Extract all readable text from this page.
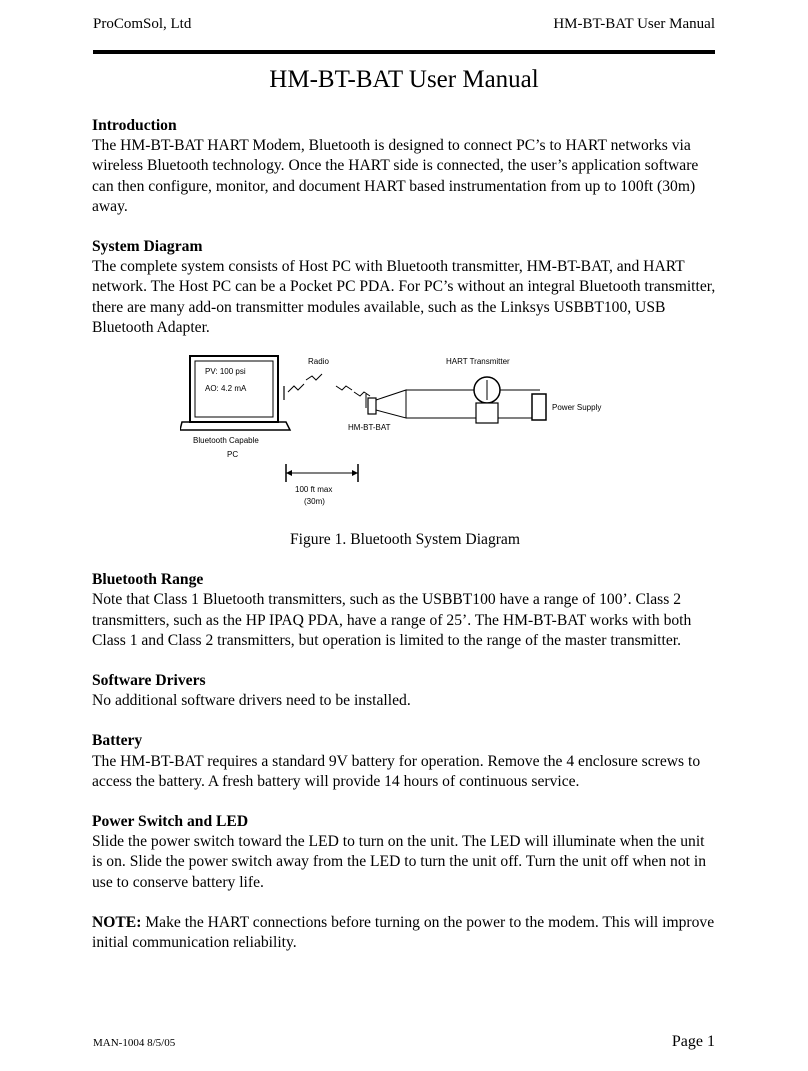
ProComSol, Ltd	HM-BT-BAT User Manual
HM-BT-BAT User Manual
Introduction

The HM-BT-BAT HART Modem, Bluetooth is designed to connect PC’s to HART networks via wireless Bluetooth technology. Once the HART side is connected, the user’s application software can then configure, monitor, and document HART based instrumentation from up to 100ft (30m) away.

System Diagram

The complete system consists of Host PC with Bluetooth transmitter, HM-BT-BAT, and HART network. The Host PC can be a Pocket PC PDA. For PC’s without an integral Bluetooth transmitter, there are many add-on transmitter modules available, such as the Linksys USBBT100, USB Bluetooth Adapter.

PV: 100 psi
AO: 4.2 mA
Bluetooth Capable
PC
Radio
HM-BT-BAT
HART Transmitter
Power Supply
100 ft max
(30m)
Figure 1. Bluetooth System Diagram
Bluetooth Range

Note that Class 1 Bluetooth transmitters, such as the USBBT100 have a range of 100’. Class 2 transmitters, such as the HP IPAQ PDA, have a range of 25’. The HM-BT-BAT works with both Class 1 and Class 2 transmitters, but operation is limited to the range of the master transmitter.

Software Drivers

No additional software drivers need to be installed.

Battery

The HM-BT-BAT requires a standard 9V battery for operation. Remove the 4 enclosure screws to access the battery. A fresh battery will provide 14 hours of continuous service.

Power Switch and LED

Slide the power switch toward the LED to turn on the unit. The LED will illuminate when the unit is on. Slide the power switch away from the LED to turn the unit off. Turn the unit off when not in use to conserve battery life.

NOTE: Make the HART connections before turning on the power to the modem. This will improve initial communication reliability.

MAN-1004 8/5/05	Page 1
